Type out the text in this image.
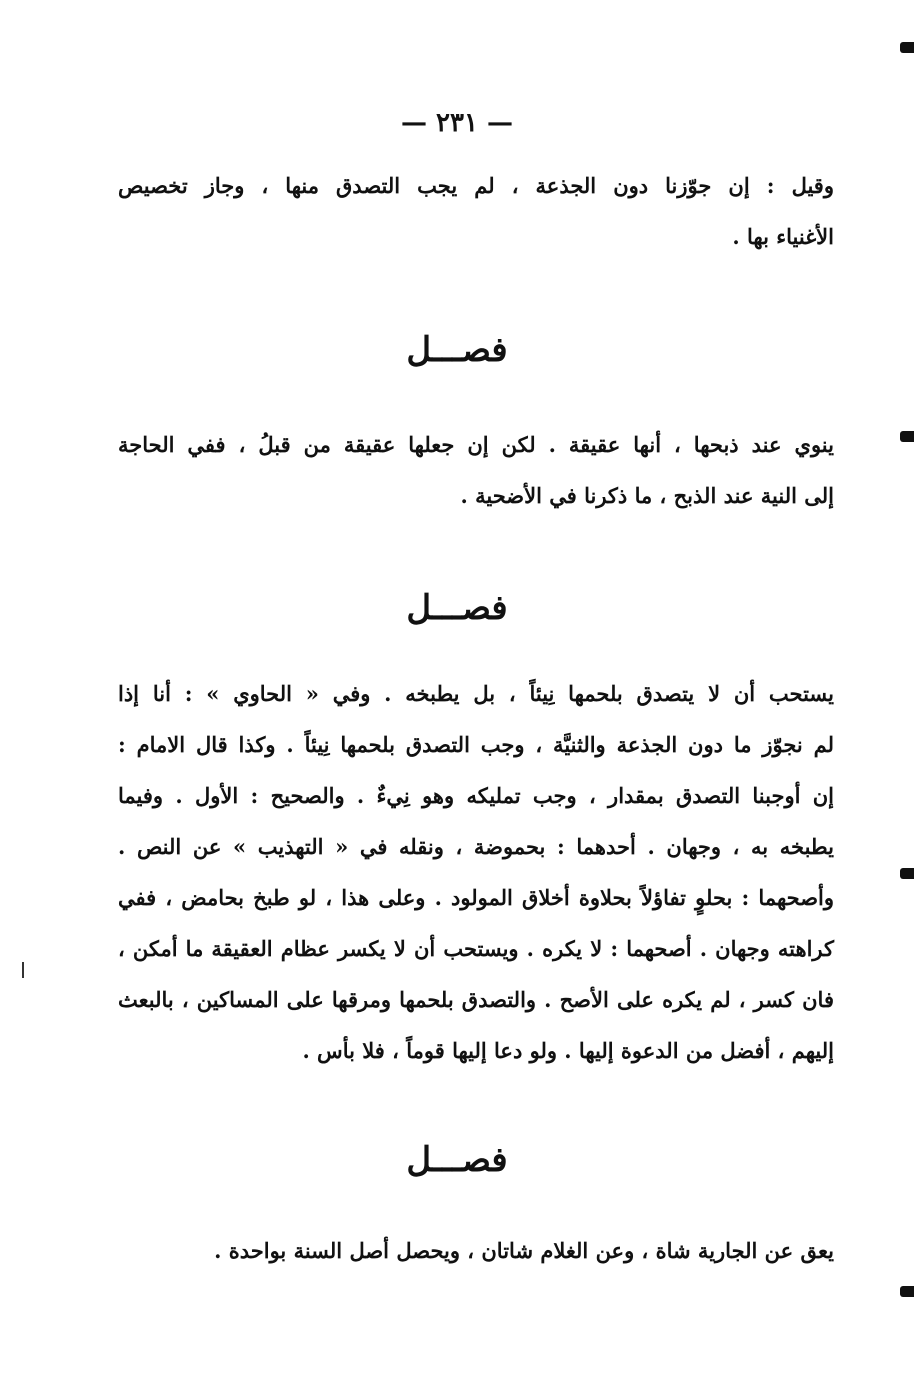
— ٢٣١ —
وقيل : إن جوّزنا دون الجذعة ، لم يجب التصدق منها ، وجاز تخصيص
الأغنياء بها .
فصـــل
ينوي عند ذبحها ، أنها عقيقة . لكن إن جعلها عقيقة من قبلُ ، ففي الحاجة
إلى النية عند الذبح ، ما ذكرنا في الأضحية .
فصـــل
يستحب أن لا يتصدق بلحمها نِيئاً ، بل يطبخه . وفي « الحاوي » : أنا إذا
لم نجوّز ما دون الجذعة والثنيَّة ، وجب التصدق بلحمها نِيئاً . وكذا قال الامام :
إن أوجبنا التصدق بمقدار ، وجب تمليكه وهو نِيءٌ . والصحيح : الأول . وفيما
يطبخه به ، وجهان . أحدهما : بحموضة ، ونقله في « التهذيب » عن النص .
وأصحهما : بحلوٍ تفاؤلاً بحلاوة أخلاق المولود . وعلى هذا ، لو طبخ بحامض ، ففي
كراهته وجهان . أصحهما : لا يكره . ويستحب أن لا يكسر عظام العقيقة ما أمكن ،
فان كسر ، لم يكره على الأصح . والتصدق بلحمها ومرقها على المساكين ، بالبعث
إليهم ، أفضل من الدعوة إليها . ولو دعا إليها قوماً ، فلا بأس .
فصـــل
يعق عن الجارية شاة ، وعن الغلام شاتان ، ويحصل أصل السنة بواحدة .
